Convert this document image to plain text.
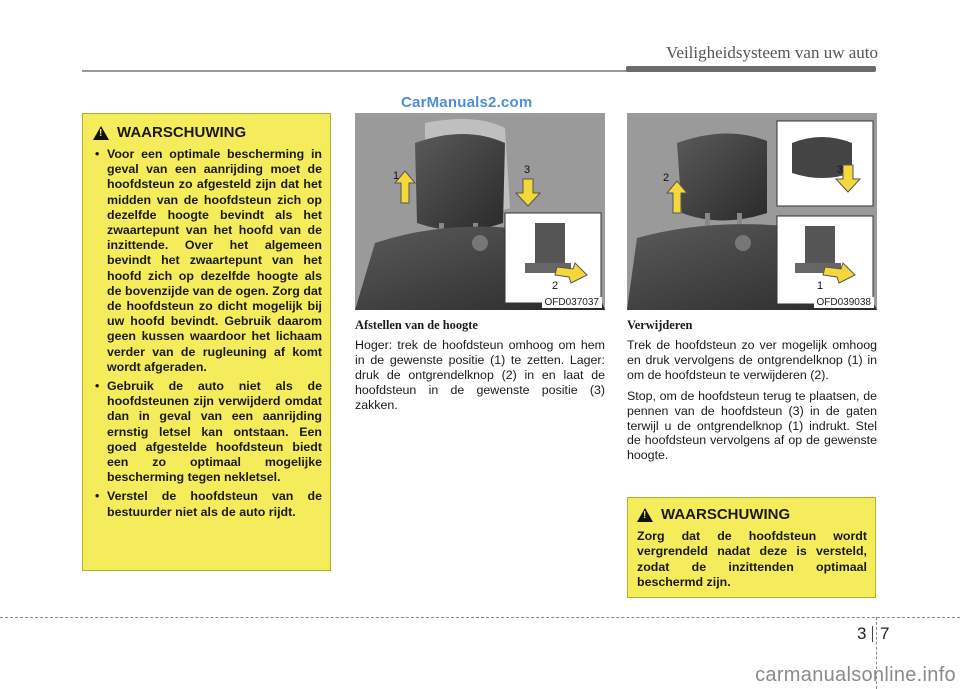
Veiligheidsysteem van uw auto
CarManuals2.com
!
WAARSCHUWING
• Voor een optimale bescherming in geval van een aanrijding moet de hoofdsteun zo afgesteld zijn dat het midden van de hoofdsteun zich op dezelfde hoogte bevindt als het zwaartepunt van het hoofd van de inzittende. Over het algemeen bevindt het zwaartepunt van het hoofd zich op dezelfde hoogte als de bovenzijde van de ogen. Zorg dat de hoofdsteun zo dicht mogelijk bij uw hoofd bevindt. Gebruik daarom geen kussen waardoor het lichaam verder van de rugleuning af komt wordt afgeraden.
• Gebruik de auto niet als de hoofdsteunen zijn verwijderd omdat dan in geval van een aanrijding ernstig letsel kan ontstaan. Een goed afgestelde hoofdsteun biedt een zo optimaal mogelijke bescherming tegen nekletsel.
• Verstel de hoofdsteun van de bestuurder niet als de auto rijdt.
1	3
2
OFD037037
2
3
1
OFD039038
Afstellen van de hoogte

Hoger: trek de hoofdsteun omhoog om hem in de gewenste positie (1) te zetten. Lager: druk de ontgrendelknop (2) in en laat de hoofdsteun in de gewenste positie (3) zakken.

Verwijderen

Trek de hoofdsteun zo ver mogelijk omhoog en druk vervolgens de ontgrendelknop (1) in om de hoofdsteun te verwijderen (2).

Stop, om de hoofdsteun terug te plaatsen, de pennen van de hoofdsteun (3) in de gaten terwijl u de ontgrendelknop (1) indrukt. Stel de hoofdsteun vervolgens af op de gewenste hoogte.

!
WAARSCHUWING

Zorg dat de hoofdsteun wordt vergrendeld nadat deze is versteld, zodat de inzittenden optimaal beschermd zijn.

3 7
carmanualsonline.info
